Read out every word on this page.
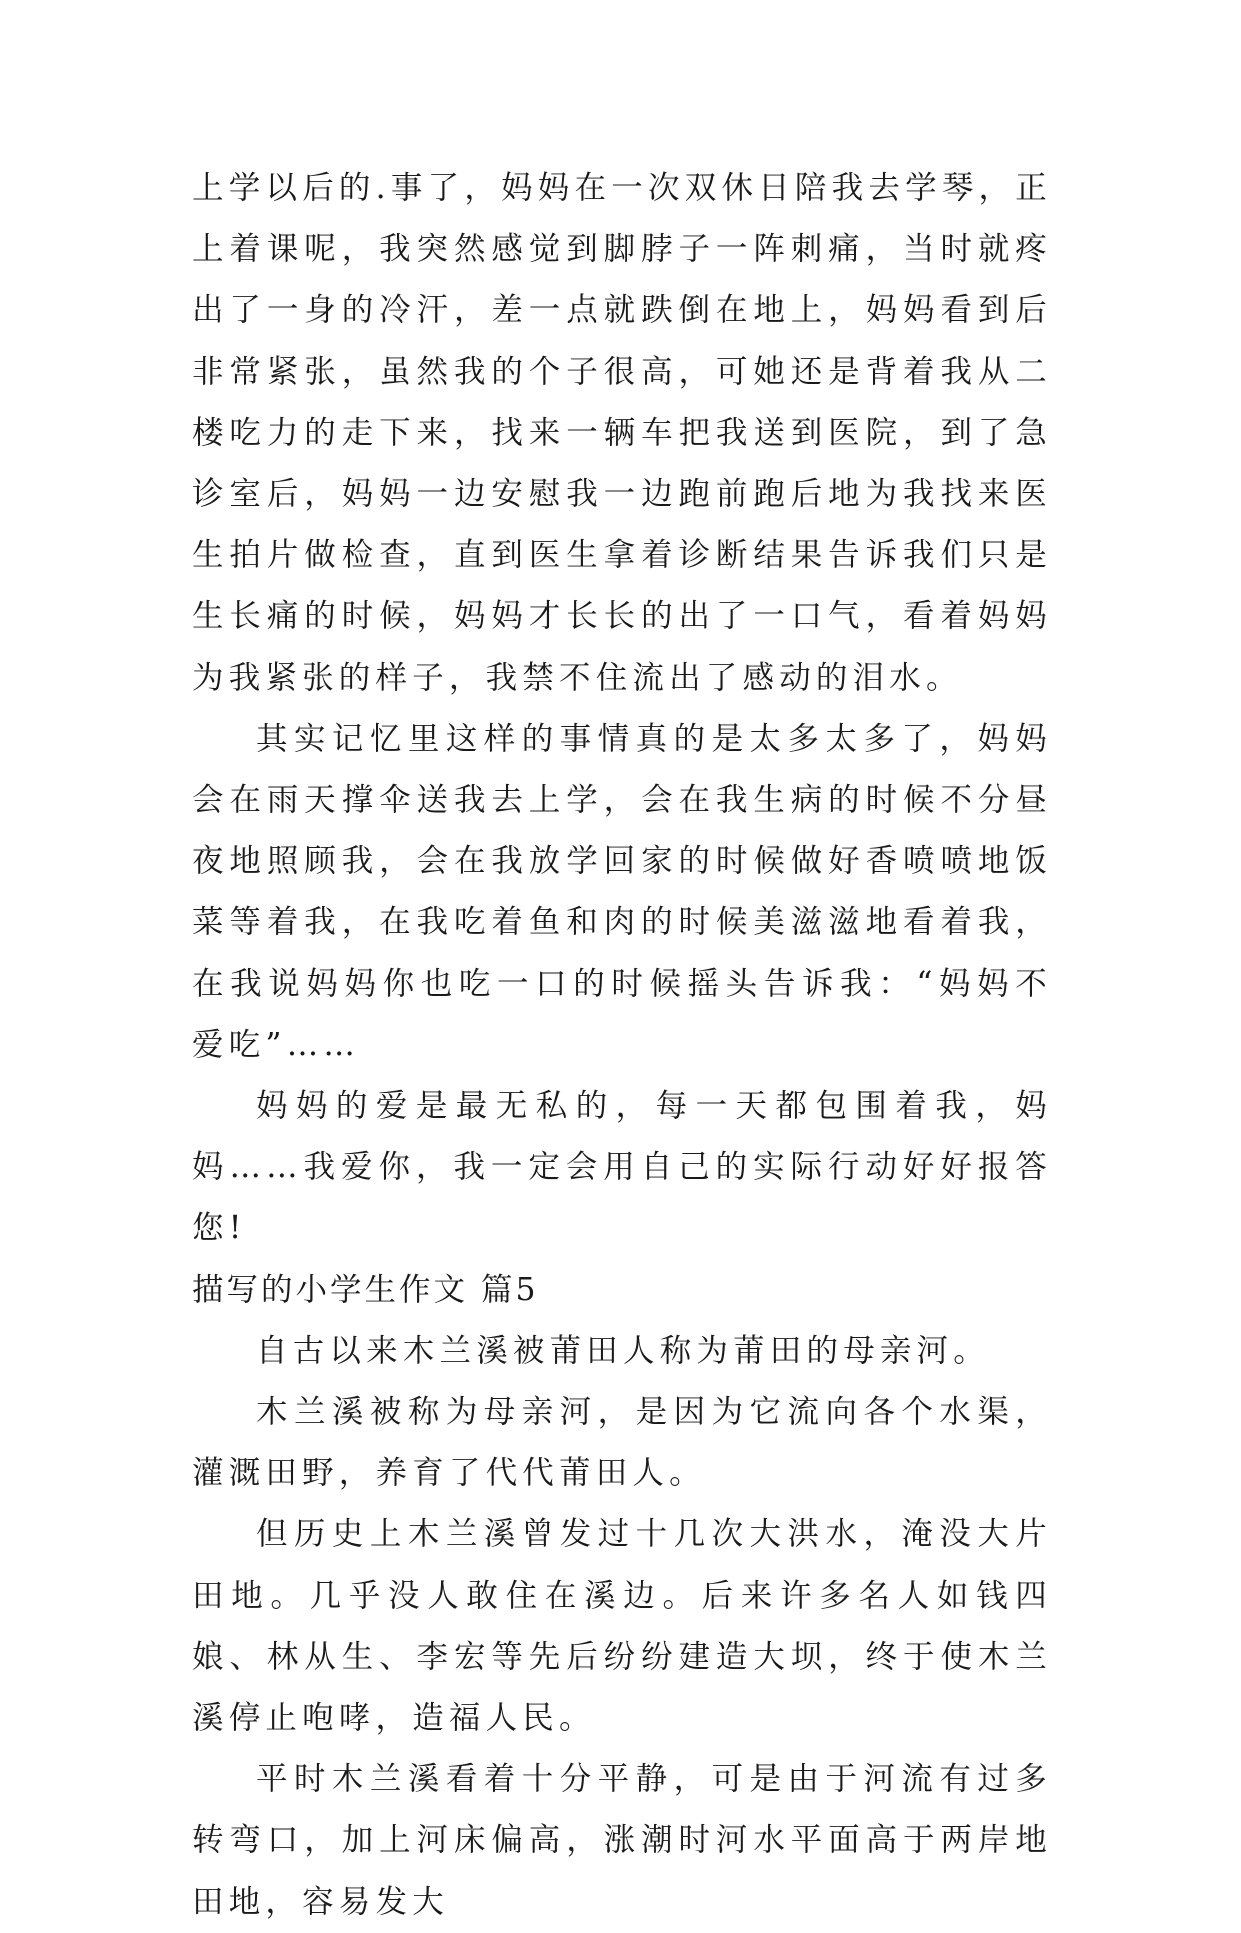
上学以后的.事了，妈妈在一次双休日陪我去学琴，正上着课呢，我突然感觉到脚脖子一阵刺痛，当时就疼出了一身的冷汗，差一点就跌倒在地上，妈妈看到后非常紧张，虽然我的个子很高，可她还是背着我从二楼吃力的走下来，找来一辆车把我送到医院，到了急诊室后，妈妈一边安慰我一边跑前跑后地为我找来医生拍片做检查，直到医生拿着诊断结果告诉我们只是生长痛的时候，妈妈才长长的出了一口气，看着妈妈为我紧张的样子，我禁不住流出了感动的泪水。

其实记忆里这样的事情真的是太多太多了，妈妈会在雨天撑伞送我去上学，会在我生病的时候不分昼夜地照顾我，会在我放学回家的时候做好香喷喷地饭菜等着我，在我吃着鱼和肉的时候美滋滋地看着我，在我说妈妈你也吃一口的时候摇头告诉我：“妈妈不爱吃”……

妈妈的爱是最无私的，每一天都包围着我，妈妈……我爱你，我一定会用自己的实际行动好好报答您!

描写的小学生作文 篇5

自古以来木兰溪被莆田人称为莆田的母亲河。

木兰溪被称为母亲河，是因为它流向各个水渠，灌溉田野，养育了代代莆田人。

但历史上木兰溪曾发过十几次大洪水，淹没大片田地。几乎没人敢住在溪边。后来许多名人如钱四娘、林从生、李宏等先后纷纷建造大坝，终于使木兰溪停止咆哮，造福人民。

平时木兰溪看着十分平静，可是由于河流有过多转弯口，加上河床偏高，涨潮时河水平面高于两岸地田地，容易发大
